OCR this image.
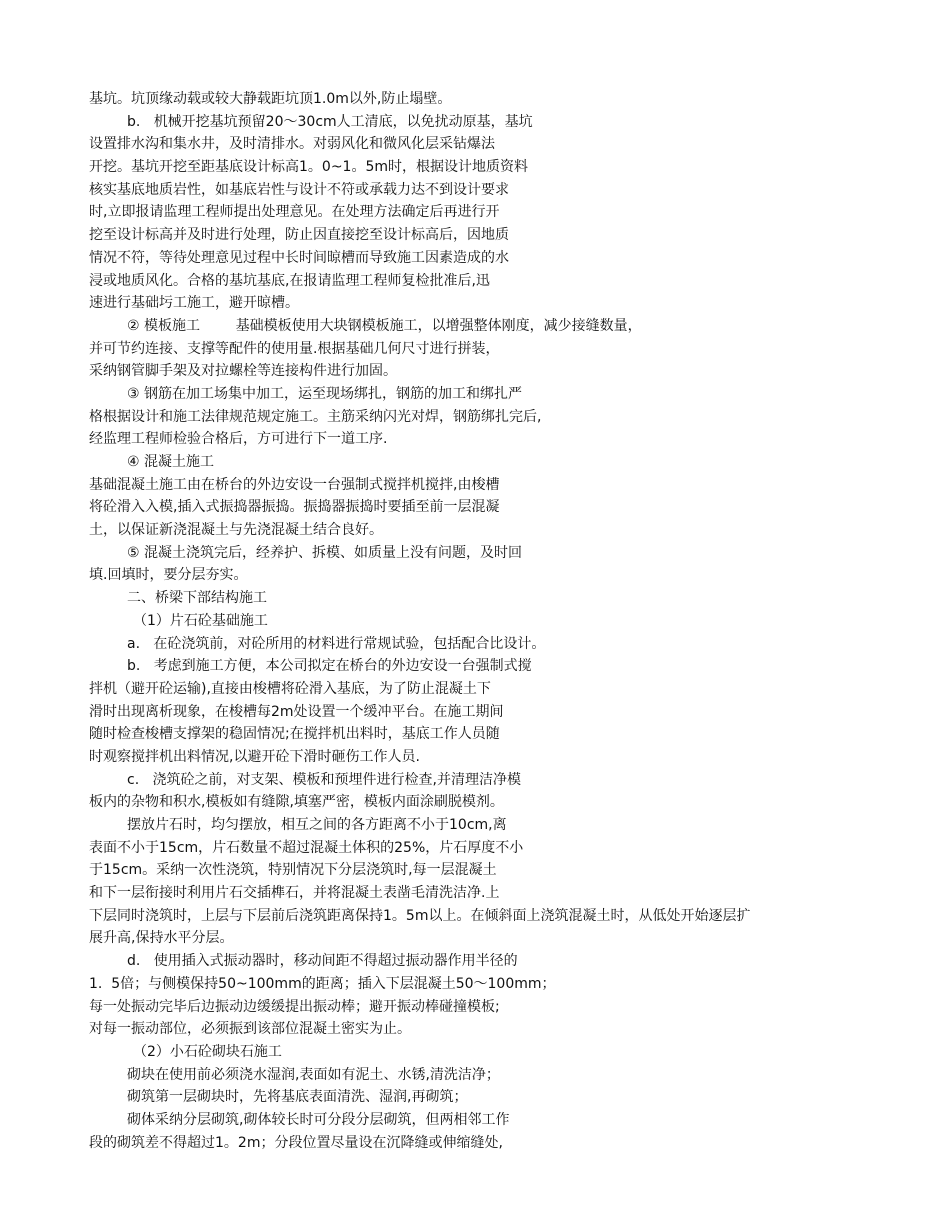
基坑。坑顶缘动载或较大静载距坑顶1.0m以外,防止塌壁。
b.   机械开挖基坑预留20～30cm人工清底，以免扰动原基，基坑
设置排水沟和集水井，及时清排水。对弱风化和微风化层采钻爆法
开挖。基坑开挖至距基底设计标高1。0~1。5m时，根据设计地质资料
核实基底地质岩性，如基底岩性与设计不符或承载力达不到设计要求
时,立即报请监理工程师提出处理意见。在处理方法确定后再进行开
挖至设计标高并及时进行处理，防止因直接挖至设计标高后，因地质
情况不符，等待处理意见过程中长时间晾槽而导致施工因素造成的水
浸或地质风化。合格的基坑基底,在报请监理工程师复检批准后,迅
速进行基础圬工施工，避开晾槽。
② 模板施工        基础模板使用大块钢模板施工，以增强整体刚度，减少接缝数量，
并可节约连接、支撑等配件的使用量.根据基础几何尺寸进行拼装，
采纳钢管脚手架及对拉螺栓等连接构件进行加固。
③ 钢筋在加工场集中加工，运至现场绑扎，钢筋的加工和绑扎严
格根据设计和施工法律规范规定施工。主筋采纳闪光对焊，钢筋绑扎完后,
经监理工程师检验合格后，方可进行下一道工序.
④ 混凝土施工
基础混凝土施工由在桥台的外边安设一台强制式搅拌机搅拌,由梭槽
将砼滑入入模,插入式振捣器振捣。振捣器振捣时要插至前一层混凝
土，以保证新浇混凝土与先浇混凝土结合良好。
⑤ 混凝土浇筑完后，经养护、拆模、如质量上没有问题，及时回
填.回填时，要分层夯实。
二、桥梁下部结构施工
（1）片石砼基础施工
a.   在砼浇筑前，对砼所用的材料进行常规试验，包括配合比设计。
b.   考虑到施工方便，本公司拟定在桥台的外边安设一台强制式搅
拌机（避开砼运输),直接由梭槽将砼滑入基底，为了防止混凝土下
滑时出现离析现象，在梭槽每2m处设置一个缓冲平台。在施工期间
随时检查梭槽支撑架的稳固情况;在搅拌机出料时，基底工作人员随
时观察搅拌机出料情况,以避开砼下滑时砸伤工作人员.
c.   浇筑砼之前，对支架、模板和预埋件进行检查,并清理洁净模
板内的杂物和积水,模板如有缝隙,填塞严密，模板内面涂刷脱模剂。
摆放片石时，均匀摆放，相互之间的各方距离不小于10cm,离
表面不小于15cm，片石数量不超过混凝土体积的25%，片石厚度不小
于15cm。采纳一次性浇筑，特别情况下分层浇筑时,每一层混凝土
和下一层衔接时利用片石交插榫石，并将混凝土表凿毛清洗洁净.上
下层同时浇筑时，上层与下层前后浇筑距离保持1。5m以上。在倾斜面上浇筑混凝土时，从低处开始逐层扩
展升高,保持水平分层。
d.   使用插入式振动器时，移动间距不得超过振动器作用半径的
1.  5倍；与侧模保持50~100mm的距离；插入下层混凝土50～100mm；
每一处振动完毕后边振动边缓缓提出振动棒；避开振动棒碰撞模板;
对每一振动部位，必须振到该部位混凝土密实为止。
（2）小石砼砌块石施工
砌块在使用前必须浇水湿润,表面如有泥土、水锈,清洗洁净；
砌筑第一层砌块时，先将基底表面清洗、湿润,再砌筑；
砌体采纳分层砌筑,砌体较长时可分段分层砌筑，但两相邻工作
段的砌筑差不得超过1。2m；分段位置尽量设在沉降缝或伸缩缝处,
